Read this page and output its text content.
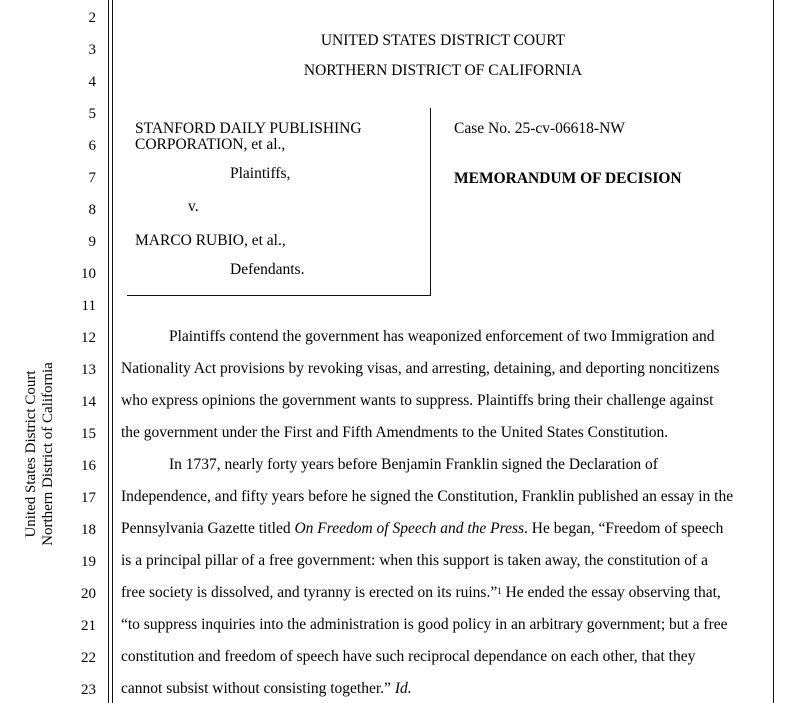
United States District Court Northern District of California
2
3
4
5
6
7
8
9
10
11
12
13
14
15
16
17
18
19
20
21
22
23
UNITED STATES DISTRICT COURT
NORTHERN DISTRICT OF CALIFORNIA
STANFORD DAILY PUBLISHING
CORPORATION, et al.,
Plaintiffs,
v.
MARCO RUBIO, et al.,
Defendants.
Case No. 25-cv-06618-NW
MEMORANDUM OF DECISION
Plaintiffs contend the government has weaponized enforcement of two Immigration and
Nationality Act provisions by revoking visas, and arresting, detaining, and deporting noncitizens
who express opinions the government wants to suppress. Plaintiffs bring their challenge against
the government under the First and Fifth Amendments to the United States Constitution.
In 1737, nearly forty years before Benjamin Franklin signed the Declaration of
Independence, and fifty years before he signed the Constitution, Franklin published an essay in the
Pennsylvania Gazette titled On Freedom of Speech and the Press. He began, “Freedom of speech
is a principal pillar of a free government: when this support is taken away, the constitution of a
free society is dissolved, and tyranny is erected on its ruins.”$^1$ He ended the essay observing that,
“to suppress inquiries into the administration is good policy in an arbitrary government; but a free
constitution and freedom of speech have such reciprocal dependance on each other, that they
cannot subsist without consisting together.” Id.
